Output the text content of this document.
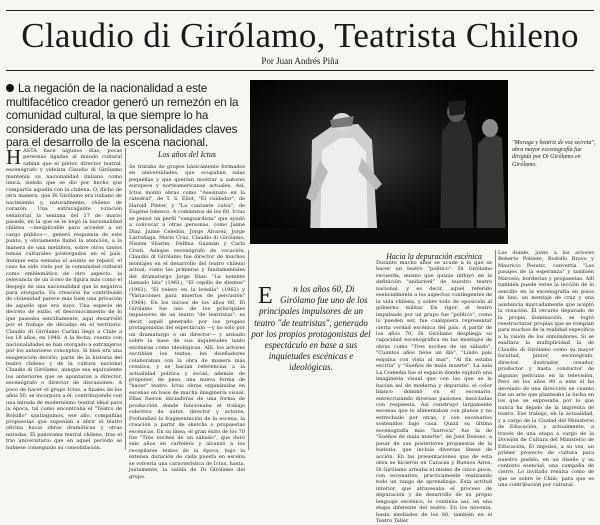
Claudio di Girólamo, Teatrista Chileno
Por Juan Andrés Piña
La negación de la nacionalidad a este multifacético creador generó un remezón en la comunidad cultural, la que siempre lo ha considerado una de las personalidades claves para el desarrollo de la escena nacional.	"Moraga y beatriz de voz secreta", obra mayor escenografía fue dirigida por Di Girólamo en Girólamo.

HASTA hace algunos días, pocas personas ligadas al mundo cultural sabían que el pintor, director teatral, escenógrafo y videísta Claudio di Girólamo mantenía su nacionalidad italiana como única, siendo que se dio por hecho que compartía aquella con la chilena. O, dicho de otra manera, que Di Girólamo era italiano de nacimiento y, naturalmente, chileno de corazón. Una extravagante votación senatorial la semana del 17 de marzo pasado, en la que se le negó la nacionalidad chilena —inexplicable para acceder a un cargo público—, generó respuesta de este punto, y obviamente llamó la atención, a la manera de una metáfora, sobre otros tantos temas culturales postergados en el país. Aunque esta semana el asunto se reparó, el caso ha sido visto por la comunidad cultural como emblemático de otro aspecto: la relevancia de un ícono de figura más como el despojo de una nacionalidad que la negativa para otorgarla. Su creación ha contribuido de chilenidad parece más bien una privación de aquello que era suyo. Una especie de decreto de exilio, el desconocimiento de lo que paseaba sencillamente, aquí desarrolló por el trabajo de décadas en el territorio. Claudio di Girólamo Carlini llegó a Chile a los 18 años, en 1948. A la fecha, cuenta con nacionalidades se han otorgado a extranjeros por los anteriores conceptos. Si bien era una exageración decirlo, parte de la historia del teatro chileno y de la cultura nacional Claudio di Girólamo, aunque sea equivalente los anteriores que se apuntaron a director, escenógrafo o director de discusiones. A poco de hacer el grupo Ictus, a finales de los años 50, se incorpora a él, contribuyendo con una mirada de modernismo teatral ideal para la época, tal como encontraba el "Teatro de Bolsillo" santiaguinos, ese año, compañías propuestas que suponían a abrir el teatro oficina hacia obras dramáticas y otras miradas. El panorama teatral chileno, tras el trio universitario que en aquel período se hubiese conseguido su consolidación.

Los años del Ictus

Se trataba de grupos básicamente formados en universidades, que ocupaban salas pequeñas y que querían mostrar a autores europeos y norteamericanos actuales. Así, Ictus montó obras como "Asesinato en la catedral", de T. S. Eliot, "El cuidador", de Harold Pinter, y "La cantante calva", de Eugene Ionesco. A comienzos de los 60, Ictus se pensó un perfil "vanguardista" que ayudó a convocar a otras personas, como Jaime Díaz, Jaime Celedón, Jorge Álvarez, Jorge Larrañaga, Mario Cruz, Claudio di Girólamo, Nissim Sharim, Delfina Guzmán y Carla Cristi. Aunque escenógrafo de vocación, Claudio di Girólamo fue director de muchos montajes en el desarrollo del teatro chileno actual, como las primeras y fundamentales del dramaturgo Jorge Díaz: "La nombre llamado Isla" (1961), "El cepillo de dientes" (1961), "El velero en la botella" (1962) y "Variaciones para muertos de percusión" (1964). En los inicios de los años 60, Di Girólamo fue uno de los principales impulsores de un teatro "de teatristas", es decir, aquél generado por los propios protagonistas del espectáculo —y no sólo por un dramaturgo o un director— y armado sobre la base de sus inquietudes tanto escénicas como ideológicas. Allí, los actores escribían los textos, los diseñadores colaboraban con la obra de manera más creativa, y se hacían referencias a la actualidad política y social, además de proponer, de paso, una nueva forma de "hacer" teatro. Ictus obras organizadas en escenas en base de mucha imaginería visual. Ellas fueron iniciadoras de una forma de producción donde funcionaba el trabajo colectivo de autor, director y actores. Profundizó la fragmentación de la escena, la creación a partir de sketchs o propuestas escénicas. En su línea, el gran éxito de los 70 fue "Tres noches de un sábado", que duró seis años en cartelera y alcanzó a los recopilarse textos de la época, bajo la extensa duración de cada puesta en escena se volvería una característica de Ictus, hasta, justamente, la salida de Di Girólamo del grupo.

E n los años 60, Di Girólamo fue uno de los principales impulsores de un teatro "de teatristas", generado por los propios protagonistas del espectáculo en base a sus inquietudes escénicas e ideológicas.
Hacia la depuración escénica

Durante mucho años se acude a lo que se hacer un teatro "político". Di Girólamo recuerda, mismo que quizás influyó en la definición "andarivel" de nuestro teatro nacional, y es decir, aquel referido esencialmente a los aspectos contingentes de la vida chilena, y sobre todo de oposición al gobierno militar. En rigor, el teatro impulsado por un grupo fue "político", como lo pueden ser, fue cualquiera representar cierta verdad escénica del país. A partir de los años 70, Di Girólamo despliega su capacidad escenográfica en las montajes de obras como "Tres noches de un sábado", "Cuántos años tiene un día", "Lindo país esquina con vista al mar", "Al fin estaba escrita" y "Sueños de mala muerte". La sala La Comedia fue el espacio donde exploró una imaginería visual que con las que se le hacían así de moderna y depurada: el color blanco dominó en el escenario, entrecruzando diversas pasiones, mezcladas con respuesta. Así construyó largamente escenas que lo alimentaban con planos y no estrechado por otras, y con escenarios sostenidos bajo casa. Quizá su última escenografía más "barroca" fue la de "Sueños de mala muerte", de José Donoso, a pesar de sus posteriores propuestas de la historia, que incluía diversas líneas de acción. En las presentaciones que de esta obra se hicieron en Caracas y Buenos Aires, Di Girólamo armaba el mismo de cinco pisos, con escenarios, practicamente realizando todo un rango de aprendizaje. Esta actitud interior, que atravesaba el proceso de depuración y de desarrollo de su propio lenguaje escénico, lo continúa así, en una etapa diferente del teatro. En los noventa, hasta mediados de los 80, también en el Teatro Taller

Los donde, junto a los actores Roberto Poblete, Rodolfo Bravo y Mauricio Pesutic, convertía "Los pasajes de la esperanza" y también Marcelo, borderías y propuestas. Allí también puede verse la lección de lo sencillo en la escenografía en pisos de lino, un montaje de cruz y una asistencia marcadamente que aceptó la creación. El recurso depurado de la propia iluminación, se logró reestructurar propias que se rompían para muchos de la realidad específica a la visión de los simuladores. Si se exaltara la multiplicidad la de Claudio di Girólamo como su mayor facultad, pintor, escenógrafo, director, ilustrador, creador, productor y hasta conductor de algunas películas en la televisión. Pero en los años 90 a este el ha develado de una dirección en cuanto fue un arte que planteaba la lucha en los que se expresaba por lo que nunca ha dejado de la imprenta de teatro. Ese trabajo, en la actualidad, y a cargo de la Ciudad del Ministerio de Educación, y actualmente, a través de una etapa a cargo de la División de Cultura del Ministerio de Educación. Él impulsó, a su vez, un primer proyecto de cultura para nuestro pueblo, en un diseño y su contexto esencial, una campaña de cierre. Lo invitado resulta como de que se sobre le Chile, para que es una contribución por cultural.
